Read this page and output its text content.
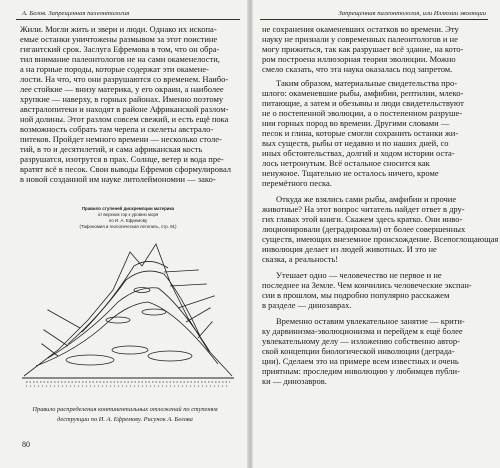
А. Белов. Запрещенная палеонтология
Жили. Могли жить и звери и люди. Однако их ископа-
емые останки уничтожены размывом за этот поистине
гигантский срок. Заслуга Ефремова в том, что он обра-
тил внимание палеонтологов не на сами окаменелости,
а на горные породы, которые содержат эти окамене-
лости. На что, что они разрушаются со временем. Наибо-
лее стойкие — внизу материка, у его окраин, а наиболее
хрупкие — наверху, в горных районах. Именно поэтому
австралопитеки и находят в районе Африканской разлом-
ной долины. Этот разлом совсем свежий, и есть ещё пока
возможность собрать там черепа и скелеты австрало-
питеков. Пройдет немного времени — несколько столе-
тий, в то и десятилетий, и сама африканская кость
разрушатся, изотрутся в прах. Солнце, ветер и вода пре-
вратят всё в песок. Свои выводы Ефремов сформулировал
в новой созданной им науке литолеймономии — зако-
Правило ступеней дискремпции материка
от верхних гор к уровню моря
по И. А. Ефремову
(Тафономия и геологическая летопись, стр. 91)
Правило распределения континентальных отложений по ступеням
деструкции по И. А. Ефремову. Рисунок А. Белова
80
Запрещенная палеонтология, или Иллюзии эволюции
не сохранения окаменевших остатков во времени. Эту
науку не признали у современных палеонтологов и не
могу прижиться, так как разрушает всё здание, на кото-
ром построена иллюзорная теория эволюции. Можно
смело сказать, что эта наука оказалась под запретом.
Таким образом, материальные свидетельства про-
шлого: окаменевшие рыбы, амфибии, рептилии, млеко-
питающие, а затем и обезьяны и люди свидетельствуют
не о постепенной эволюции, а о постепенном разруше-
нии горных пород во времени. Другими словами —
песок и глина, которые смогли сохранить останки жи-
вых существ, рыбы от недавно и по наших дней, со
иных обстоятельствах, долгий и ходом истории оста-
лось нетронутым. Всё остальное сносится как
ненужное. Тщательно не осталось ничего, кроме
перемётного песка.
Откуда же взялись сами рыбы, амфибии и прочие
животные? На этот вопрос читатель найдет ответ в дру-
гих главах этой книги. Скажем здесь кратко. Они инво-
люционировали (деградировали) от более совершенных
существ, имеющих внеземное происхождение. Всепоглощающая
инволюция делает из людей животных. И это не
сказка, а реальность!
Утешает одно — человечество не первое и не
последнее на Земле. Чем кончились человеческие экспан-
сии в прошлом, мы подробно популярно расскажем
в разделе — динозаврах.
Временно оставим увлекательное занятие — крити-
ку дарвинизма-эволюционизма и перейдем к ещё более
увлекательному делу — изложению собственно автор-
ской концепции биологической инволюции (деграда-
ции). Сделаем это на примере всем известных и очень
приятным: проследим инволюцию у любимцев публи-
ки — динозавров.
